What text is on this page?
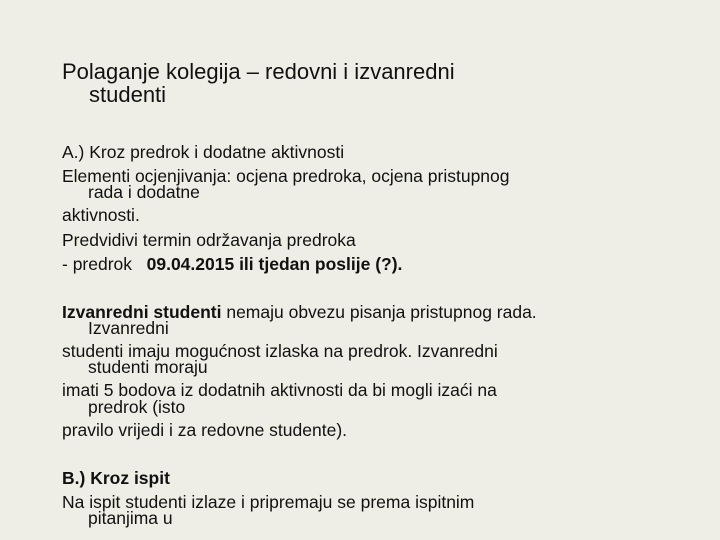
Polaganje kolegija – redovni i izvanredni
studenti
A.) Kroz predrok i dodatne aktivnosti
Elementi ocjenjivanja: ocjena predroka, ocjena pristupnog
rada i dodatne
aktivnosti.
Predvidivi termin održavanja predroka
- predrok 09.04.2015 ili tjedan poslije (?).
Izvanredni studenti nemaju obvezu pisanja pristupnog rada.
Izvanredni
studenti imaju mogućnost izlaska na predrok. Izvanredni
studenti moraju
imati 5 bodova iz dodatnih aktivnosti da bi mogli izaći na
predrok (isto
pravilo vrijedi i za redovne studente).
B.) Kroz ispit
Na ispit studenti izlaze i pripremaju se prema ispitnim
pitanjima u
